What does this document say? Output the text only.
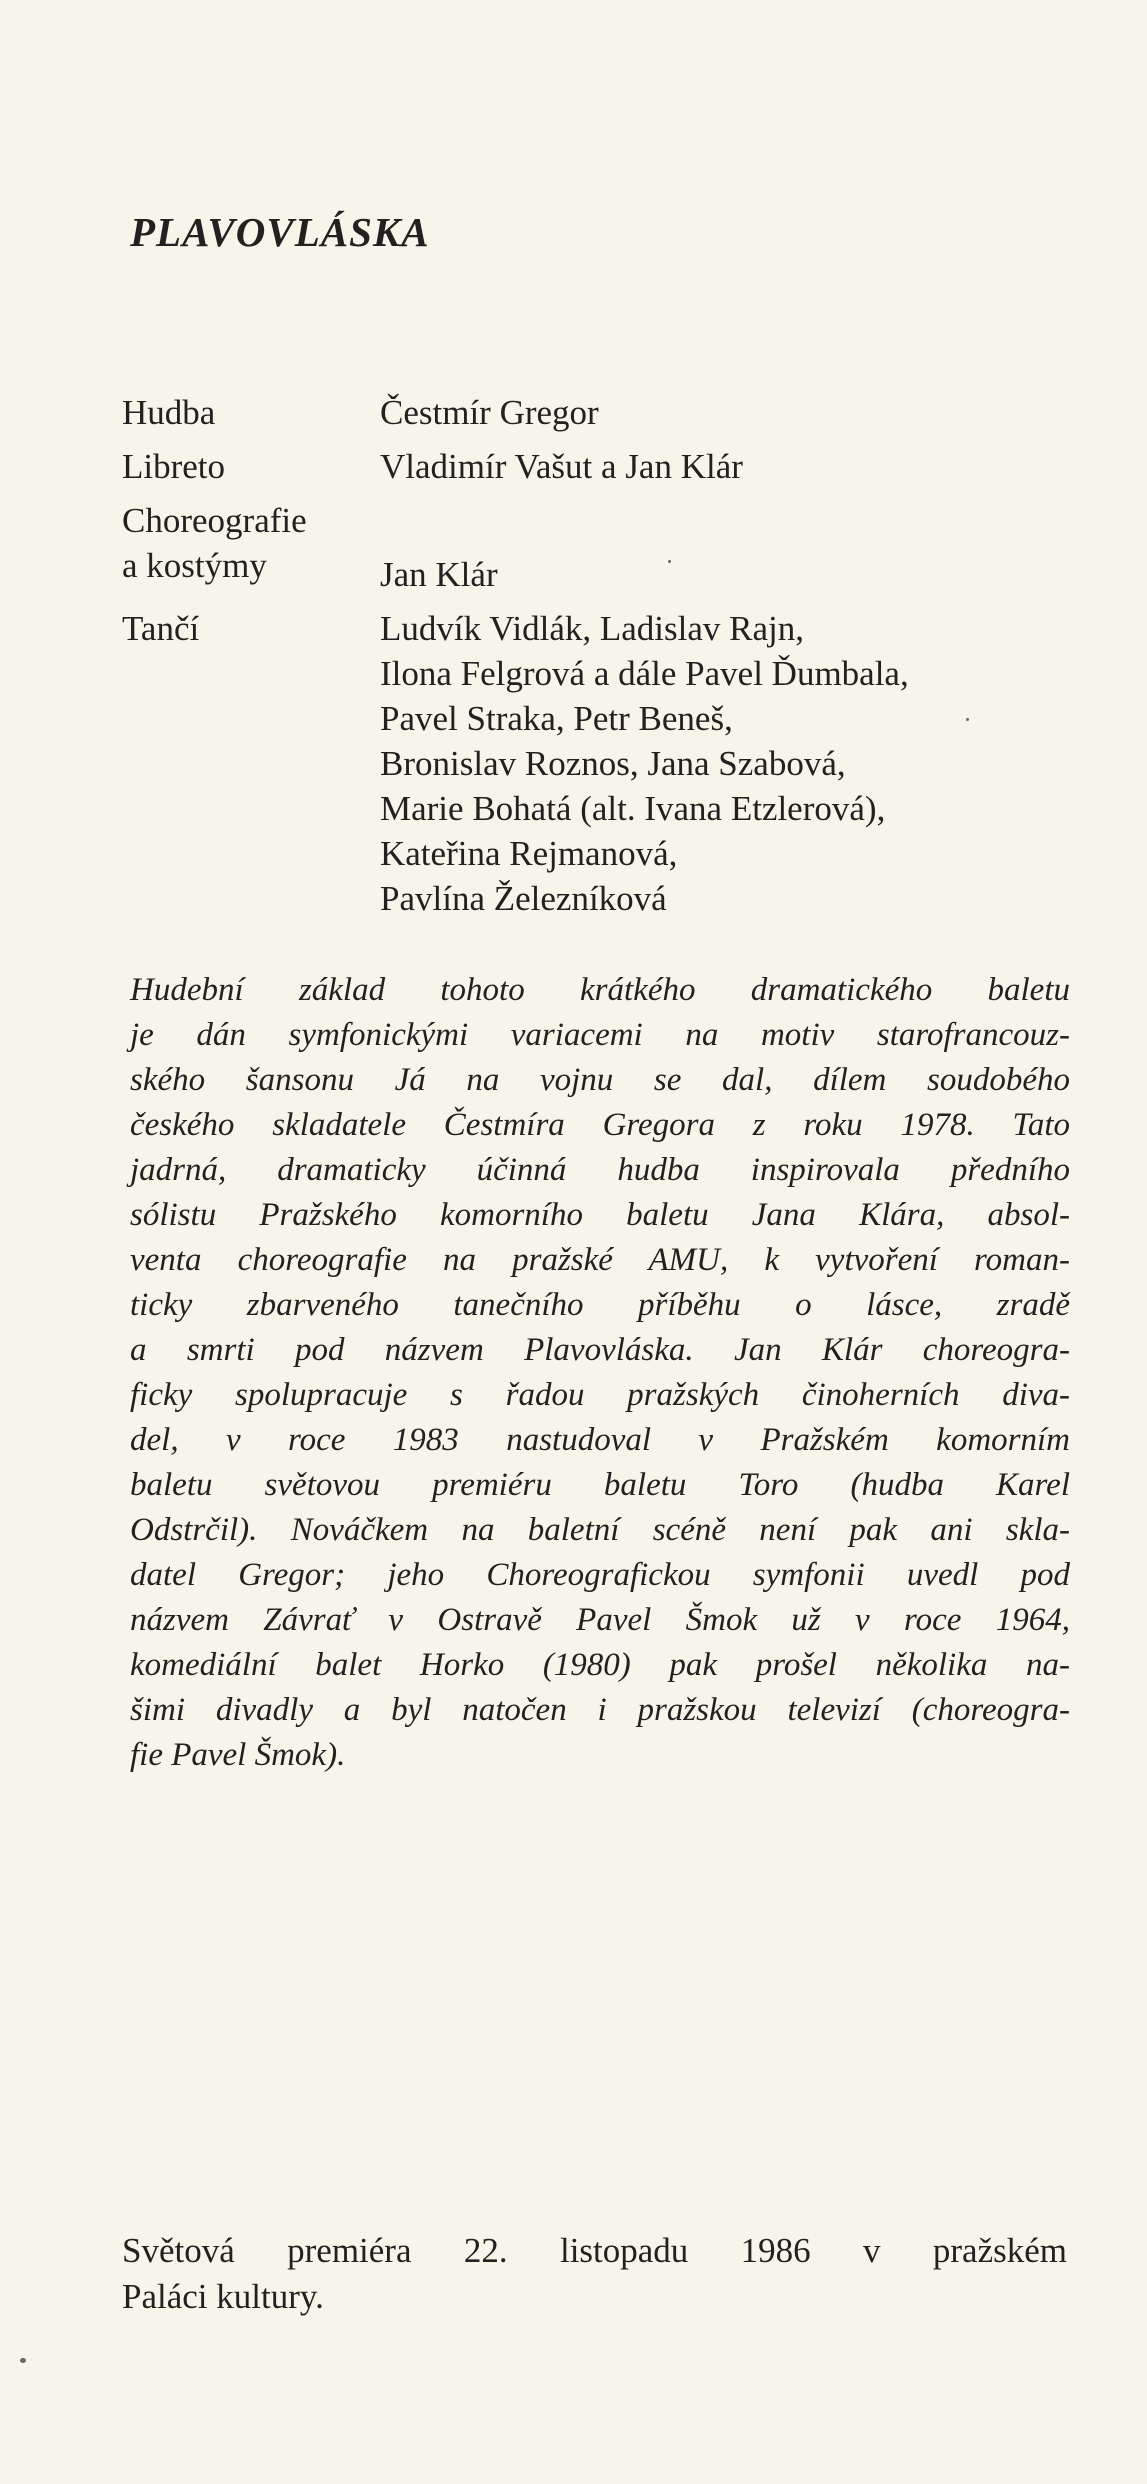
PLAVOVLÁSKA
Hudba	Čestmír Gregor
Libreto	Vladimír Vašut a Jan Klár
Choreografie
a kostýmy	Jan Klár
Tančí	Ludvík Vidlák, Ladislav Rajn,
Ilona Felgrová a dále Pavel Ďumbala,
Pavel Straka, Petr Beneš,
Bronislav Roznos, Jana Szabová,
Marie Bohatá (alt. Ivana Etzlerová),
Kateřina Rejmanová,
Pavlína Železníková
Hudební základ tohoto krátkého dramatického baletu
je dán symfonickými variacemi na motiv starofrancouz-
ského šansonu Já na vojnu se dal, dílem soudobého
českého skladatele Čestmíra Gregora z roku 1978. Tato
jadrná, dramaticky účinná hudba inspirovala předního
sólistu Pražského komorního baletu Jana Klára, absol-
venta choreografie na pražské AMU, k vytvoření roman-
ticky zbarveného tanečního příběhu o lásce, zradě
a smrti pod názvem Plavovláska. Jan Klár choreogra-
ficky spolupracuje s řadou pražských činoherních diva-
del, v roce 1983 nastudoval v Pražském komorním
baletu světovou premiéru baletu Toro (hudba Karel
Odstrčil). Nováčkem na baletní scéně není pak ani skla-
datel Gregor; jeho Choreografickou symfonii uvedl pod
názvem Závrať v Ostravě Pavel Šmok už v roce 1964,
komediální balet Horko (1980) pak prošel několika na-
šimi divadly a byl natočen i pražskou televizí (choreogra-
fie Pavel Šmok).
Světová premiéra 22. listopadu 1986 v pražském
Paláci kultury.
